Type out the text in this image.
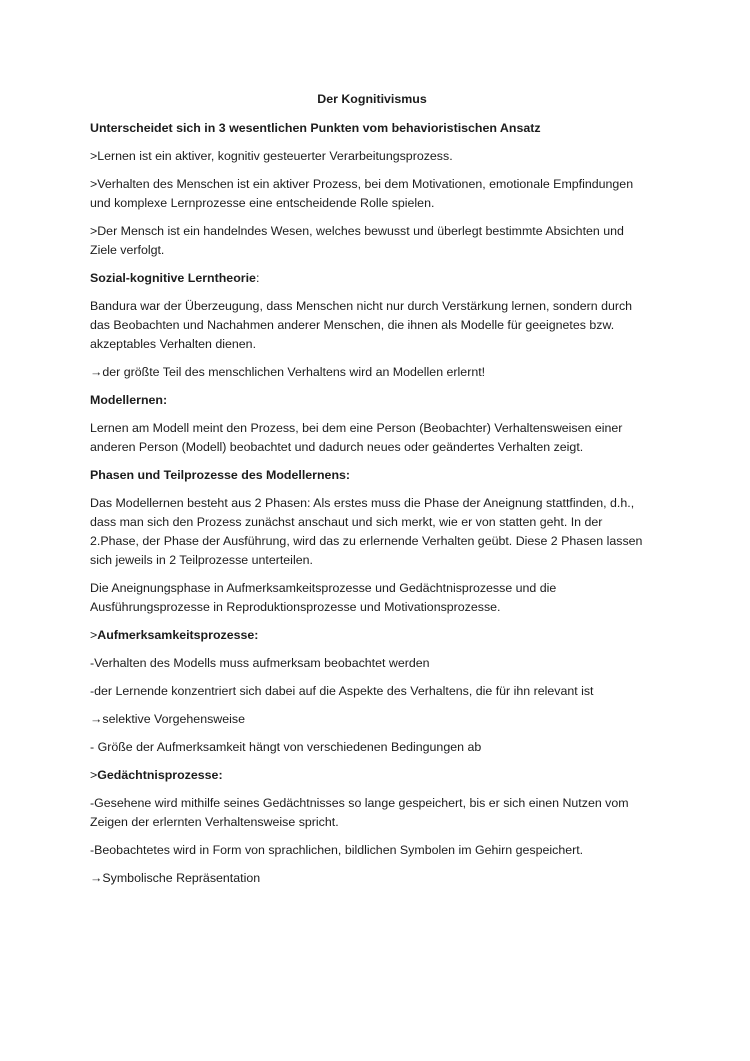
Der Kognitivismus

Unterscheidet sich in 3 wesentlichen Punkten vom behavioristischen Ansatz

>Lernen ist ein aktiver, kognitiv gesteuerter Verarbeitungsprozess.

>Verhalten des Menschen ist ein aktiver Prozess, bei dem Motivationen, emotionale Empfindungen und komplexe Lernprozesse eine entscheidende Rolle spielen.

>Der Mensch ist ein handelndes Wesen, welches bewusst und überlegt bestimmte Absichten und Ziele verfolgt.

Sozial-kognitive Lerntheorie:

Bandura war der Überzeugung, dass Menschen nicht nur durch Verstärkung lernen, sondern durch das Beobachten und Nachahmen anderer Menschen, die ihnen als Modelle für geeignetes bzw. akzeptables Verhalten dienen.

→der größte Teil des menschlichen Verhaltens wird an Modellen erlernt!

Modellernen:

Lernen am Modell meint den Prozess, bei dem eine Person (Beobachter) Verhaltensweisen einer anderen Person (Modell) beobachtet und dadurch neues oder geändertes Verhalten zeigt.

Phasen und Teilprozesse des Modellernens:

Das Modellernen besteht aus 2 Phasen: Als erstes muss die Phase der Aneignung stattfinden, d.h., dass man sich den Prozess zunächst anschaut und sich merkt, wie er von statten geht. In der 2.Phase, der Phase der Ausführung, wird das zu erlernende Verhalten geübt. Diese 2 Phasen lassen sich jeweils in 2 Teilprozesse unterteilen.

Die Aneignungsphase in Aufmerksamkeitsprozesse und Gedächtnisprozesse und die Ausführungsprozesse in Reproduktionsprozesse und Motivationsprozesse.

>Aufmerksamkeitsprozesse:

-Verhalten des Modells muss aufmerksam beobachtet werden

-der Lernende konzentriert sich dabei auf die Aspekte des Verhaltens, die für ihn relevant ist

→selektive Vorgehensweise

- Größe der Aufmerksamkeit hängt von verschiedenen Bedingungen ab

>Gedächtnisprozesse:

-Gesehene wird mithilfe seines Gedächtnisses so lange gespeichert, bis er sich einen Nutzen vom Zeigen der erlernten Verhaltensweise spricht.

-Beobachtetes wird in Form von sprachlichen, bildlichen Symbolen im Gehirn gespeichert.

→Symbolische Repräsentation
